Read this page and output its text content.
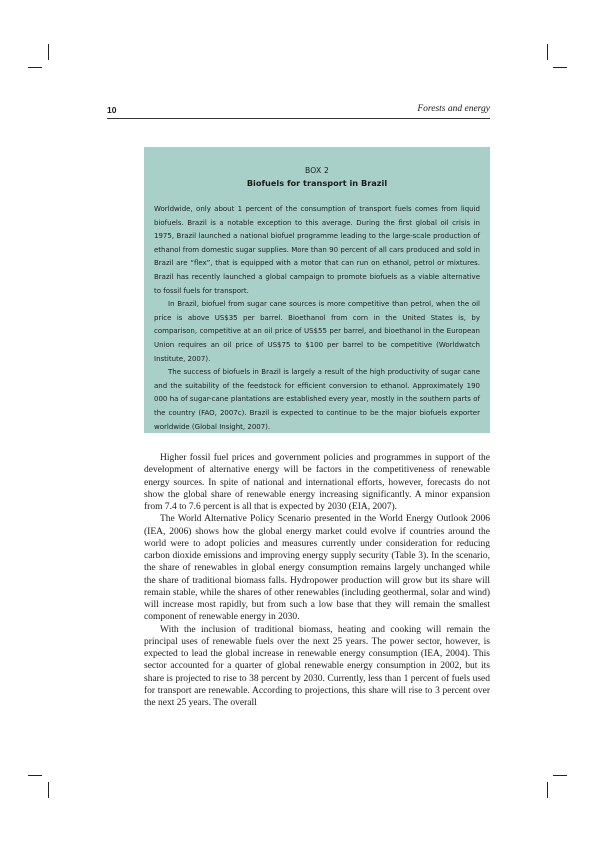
10	Forests and energy
BOX 2
Biofuels for transport in Brazil

Worldwide, only about 1 percent of the consumption of transport fuels comes from liquid biofuels. Brazil is a notable exception to this average. During the first global oil crisis in 1975, Brazil launched a national biofuel programme leading to the large-scale production of ethanol from domestic sugar supplies. More than 90 percent of all cars produced and sold in Brazil are “flex”, that is equipped with a motor that can run on ethanol, petrol or mixtures. Brazil has recently launched a global campaign to promote biofuels as a viable alternative to fossil fuels for transport.

In Brazil, biofuel from sugar cane sources is more competitive than petrol, when the oil price is above US$35 per barrel. Bioethanol from corn in the United States is, by comparison, competitive at an oil price of US$55 per barrel, and bioethanol in the European Union requires an oil price of US$75 to $100 per barrel to be competitive (Worldwatch Institute, 2007).

The success of biofuels in Brazil is largely a result of the high productivity of sugar cane and the suitability of the feedstock for efficient conversion to ethanol. Approximately 190 000 ha of sugar-cane plantations are established every year, mostly in the southern parts of the country (FAO, 2007c). Brazil is expected to continue to be the major biofuels exporter worldwide (Global Insight, 2007).

Higher fossil fuel prices and government policies and programmes in support of the development of alternative energy will be factors in the competitiveness of renewable energy sources. In spite of national and international efforts, however, forecasts do not show the global share of renewable energy increasing significantly. A minor expansion from 7.4 to 7.6 percent is all that is expected by 2030 (EIA, 2007).

The World Alternative Policy Scenario presented in the World Energy Outlook 2006 (IEA, 2006) shows how the global energy market could evolve if countries around the world were to adopt policies and measures currently under consideration for reducing carbon dioxide emissions and improving energy supply security (Table 3). In the scenario, the share of renewables in global energy consumption remains largely unchanged while the share of traditional biomass falls. Hydropower production will grow but its share will remain stable, while the shares of other renewables (including geothermal, solar and wind) will increase most rapidly, but from such a low base that they will remain the smallest component of renewable energy in 2030.

With the inclusion of traditional biomass, heating and cooking will remain the principal uses of renewable fuels over the next 25 years. The power sector, however, is expected to lead the global increase in renewable energy consumption (IEA, 2004). This sector accounted for a quarter of global renewable energy consumption in 2002, but its share is projected to rise to 38 percent by 2030. Currently, less than 1 percent of fuels used for transport are renewable. According to projections, this share will rise to 3 percent over the next 25 years. The overall
